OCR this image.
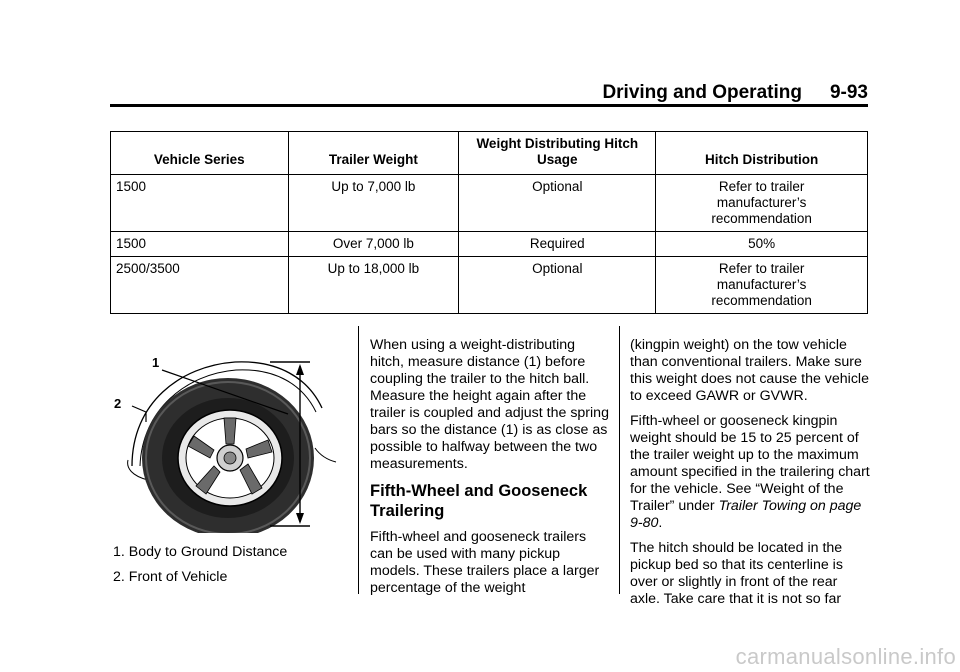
Driving and Operating 9-93
Vehicle Series	Trailer Weight	Weight Distributing Hitch Usage	Hitch Distribution
1500	Up to 7,000 lb	Optional	Refer to trailer manufacturer’s recommendation
1500	Over 7,000 lb	Required	50%
2500/3500	Up to 18,000 lb	Optional	Refer to trailer manufacturer’s recommendation
1
2
1. Body to Ground Distance
2. Front of Vehicle

When using a weight-distributing hitch, measure distance (1) before coupling the trailer to the hitch ball. Measure the height again after the trailer is coupled and adjust the spring bars so the distance (1) is as close as possible to halfway between the two measurements.

Fifth-Wheel and Gooseneck Trailering

Fifth-wheel and gooseneck trailers can be used with many pickup models. These trailers place a larger percentage of the weight

(kingpin weight) on the tow vehicle than conventional trailers. Make sure this weight does not cause the vehicle to exceed GAWR or GVWR.

Fifth-wheel or gooseneck kingpin weight should be 15 to 25 percent of the trailer weight up to the maximum amount specified in the trailering chart for the vehicle. See “Weight of the Trailer” under Trailer Towing on page 9-80.

The hitch should be located in the pickup bed so that its centerline is over or slightly in front of the rear axle. Take care that it is not so far

carmanualsonline.info
